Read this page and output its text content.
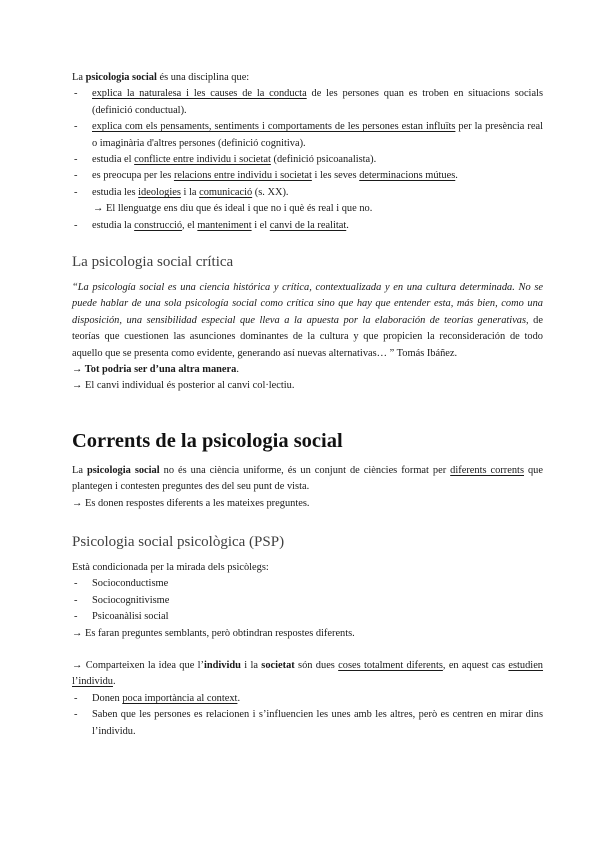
La psicologia social és una disciplina que:

- explica la naturalesa i les causes de la conducta de les persones quan es troben en situacions socials (definició conductual).
- explica com els pensaments, sentiments i comportaments de les persones estan influïts per la presència real o imaginària d'altres persones (definició cognitiva).
- estudia el conflicte entre individu i societat (definició psicoanalista).
- es preocupa per les relacions entre individu i societat i les seves determinacions mútues.
- estudia les ideologies i la comunicació (s. XX).
→ El llenguatge ens diu que és ideal i que no i què és real i que no.
- estudia la construcció, el manteniment i el canvi de la realitat.
La psicologia social crítica

“La psicología social es una ciencia histórica y crítica, contextualizada y en una cultura determinada. No se puede hablar de una sola psicología social como crítica sino que hay que entender esta, más bien, como una disposición, una sensibilidad especial que lleva a la apuesta por la elaboración de teorías generativas, de teorías que cuestionen las asunciones dominantes de la cultura y que propicien la reconsideración de todo aquello que se presenta como evidente, generando así nuevas alternativas… ” Tomás Ibáñez.

→ Tot podria ser d’una altra manera.

→ El canvi individual és posterior al canvi col·lectiu.

Corrents de la psicologia social

La psicologia social no és una ciència uniforme, és un conjunt de ciències format per diferents corrents que plantegen i contesten preguntes des del seu punt de vista.

→ Es donen respostes diferents a les mateixes preguntes.

Psicologia social psicològica (PSP)

Està condicionada per la mirada dels psicòlegs:

- Socioconductisme
- Sociocognitivisme
- Psicoanàlisi social

→ Es faran preguntes semblants, però obtindran respostes diferents.

→ Comparteixen la idea que l’individu i la societat són dues coses totalment diferents, en aquest cas estudien l’individu.

- Donen poca importància al context.
- Saben que les persones es relacionen i s’influencien les unes amb les altres, però es centren en mirar dins l’individu.
